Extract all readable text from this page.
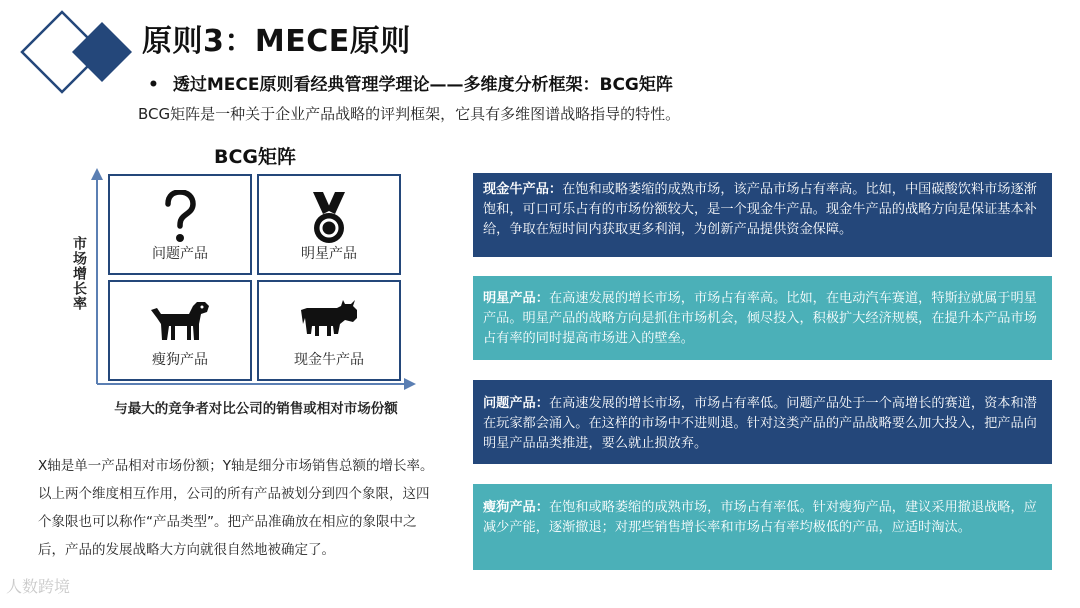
原则3：MECE原则

• 透过MECE原则看经典管理学理论——多维度分析框架：BCG矩阵

BCG矩阵是一种关于企业产品战略的评判框架，它具有多维图谱战略指导的特性。

BCG矩阵
市场增长率
与最大的竞争者对比公司的销售或相对市场份额
问题产品	明星产品
瘦狗产品	现金牛产品

X轴是单一产品相对市场份额；Y轴是细分市场销售总额的增长率。以上两个维度相互作用，公司的所有产品被划分到四个象限，这四个象限也可以称作“产品类型”。把产品准确放在相应的象限中之后，产品的发展战略大方向就很自然地被确定了。

现金牛产品：在饱和或略萎缩的成熟市场，该产品市场占有率高。比如，中国碳酸饮料市场逐渐饱和，可口可乐占有的市场份额较大，是一个现金牛产品。现金牛产品的战略方向是保证基本补给，争取在短时间内获取更多利润，为创新产品提供资金保障。
明星产品：在高速发展的增长市场，市场占有率高。比如，在电动汽车赛道，特斯拉就属于明星产品。明星产品的战略方向是抓住市场机会，倾尽投入，积极扩大经济规模，在提升本产品市场占有率的同时提高市场进入的壁垒。
问题产品：在高速发展的增长市场，市场占有率低。问题产品处于一个高增长的赛道，资本和潜在玩家都会涌入。在这样的市场中不进则退。针对这类产品的产品战略要么加大投入，把产品向明星产品品类推进，要么就止损放弃。
瘦狗产品：在饱和或略萎缩的成熟市场，市场占有率低。针对瘦狗产品，建议采用撤退战略，应减少产能，逐渐撤退；对那些销售增长率和市场占有率均极低的产品，应适时淘汰。
人数跨境
